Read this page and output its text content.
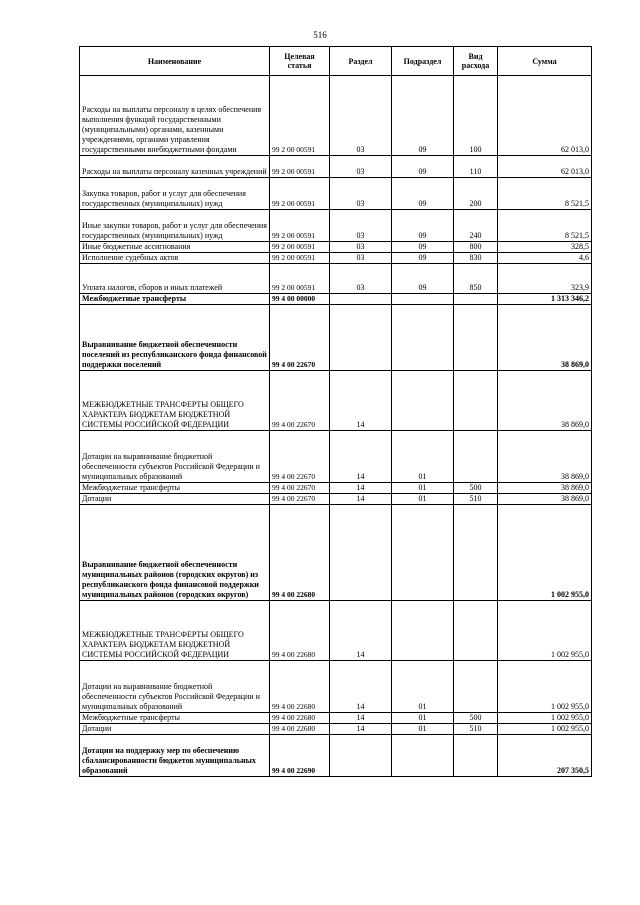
516
Наименование	Целевая статья	Раздел	Подраздел	Вид расхода	Сумма
Расходы на выплаты персоналу в целях обеспечения выполнения функций государственными (муниципальными) органами, казенными учреждениями, органами управления государственными внебюджетными фондами	99 2 00 00591	03	09	100	62 013,0
Расходы на выплаты персоналу казенных учреждений	99 2 00 00591	03	09	110	62 013,0
Закупка товаров, работ и услуг для обеспечения государственных (муниципальных) нужд	99 2 00 00591	03	09	200	8 521,5
Иные закупки товаров, работ и услуг для обеспечения государственных (муниципальных) нужд	99 2 00 00591	03	09	240	8 521,5
Иные бюджетные ассигнования	99 2 00 00591	03	09	800	328,5
Исполнение судебных актов	99 2 00 00591	03	09	830	4,6
Уплата налогов, сборов и иных платежей	99 2 00 00591	03	09	850	323,9
Межбюджетные трансферты	99 4 00 00000				1 313 346,2
Выравнивание бюджетной обеспеченности поселений из республиканского фонда финансовой поддержки поселений	99 4 00 22670				38 869,0
МЕЖБЮДЖЕТНЫЕ ТРАНСФЕРТЫ ОБЩЕГО ХАРАКТЕРА БЮДЖЕТАМ БЮДЖЕТНОЙ СИСТЕМЫ РОССИЙСКОЙ ФЕДЕРАЦИИ	99 4 00 22670	14			38 869,0
Дотации на выравнивание бюджетной обеспеченности субъектов Российской Федерации и муниципальных образований	99 4 00 22670	14	01		38 869,0
Межбюджетные трансферты	99 4 00 22670	14	01	500	38 869,0
Дотации	99 4 00 22670	14	01	510	38 869,0
Выравнивание бюджетной обеспеченности муниципальных районов (городских округов) из республиканского фонда финансовой поддержки муниципальных районов (городских округов)	99 4 00 22680				1 002 955,0
МЕЖБЮДЖЕТНЫЕ ТРАНСФЕРТЫ ОБЩЕГО ХАРАКТЕРА БЮДЖЕТАМ БЮДЖЕТНОЙ СИСТЕМЫ РОССИЙСКОЙ ФЕДЕРАЦИИ	99 4 00 22680	14			1 002 955,0
Дотации на выравнивание бюджетной обеспеченности субъектов Российской Федерации и муниципальных образований	99 4 00 22680	14	01		1 002 955,0
Межбюджетные трансферты	99 4 00 22680	14	01	500	1 002 955,0
Дотации	99 4 00 22680	14	01	510	1 002 955,0
Дотации на поддержку мер по обеспечению сбалансированности бюджетов муниципальных образований	99 4 00 22690				207 350,5
